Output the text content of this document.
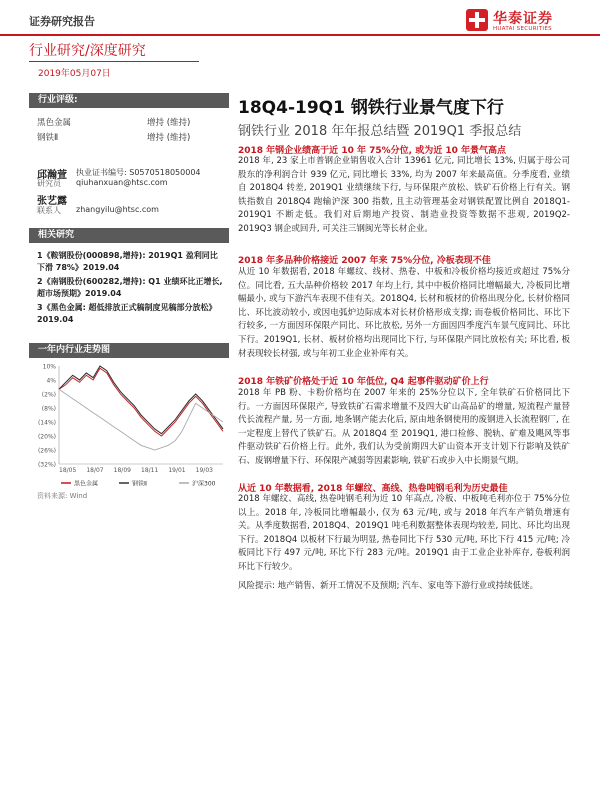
证券研究报告	华泰证券
HUATAI SECURITIES
行业研究/深度研究
2019年05月07日
行业评级:
黑色金属	增持 (维持)
钢铁Ⅱ	增持 (维持)
邱瀚萱 执业证书编号: S0570518050004
研究员 qiuhanxuan@htsc.com
张艺露
联系人 zhangyilu@htsc.com
相关研究
1《鞍钢股份(000898,增持): 2019Q1 盈利同比下滑 78%》2019.04
2《南钢股份(600282,增持): Q1 业绩环比正增长, 超市场预期》2019.04
3《黑色金属: 超低排放正式稿制度见稿部分放松》2019.04
一年内行业走势图
10%
4%
(2%)
(8%)
(14%)
(20%)
(26%)
(32%)
18/05 18/07 18/09 18/11 19/01 19/03
黑色金属	钢铁Ⅱ	沪深300
资料来源: Wind
18Q4-19Q1 钢铁行业景气度下行
钢铁行业 2018 年年报总结暨 2019Q1 季报总结
2018 年钢企业绩高于近 10 年 75%分位, 或为近 10 年景气高点
2018 年, 23 家上市普钢企业销售收入合计 13961 亿元, 同比增长 13%, 归属于母公司股东的净利润合计 939 亿元, 同比增长 33%, 均为 2007 年来最高值。分季度看, 业绩自 2018Q4 转差, 2019Q1 业绩继续下行, 与环保限产放松、铁矿石价格上行有关。钢铁指数自 2018Q4 跑输沪深 300 指数, 且主动管理基金对钢铁配置比例自 2018Q1-2019Q1 不断走低。我们对后期地产投资、制造业投资等数据不悲观, 2019Q2-2019Q3 钢企或回升, 可关注三钢闽光等长材企业。
2018 年多品种价格接近 2007 年来 75%分位, 冷板表现不佳
从近 10 年数据看, 2018 年螺纹、线材、热卷、中板和冷板价格均接近或超过 75%分位。同比看, 五大品种价格较 2017 年均上行, 其中中板价格同比增幅最大, 冷板同比增幅最小, 或与下游汽车表现不佳有关。2018Q4, 长材和板材的价格出现分化, 长材价格同比、环比波动较小, 或因电弧炉边际成本对长材价格形成支撑; 而卷板价格同比、环比下行较多, 一方面因环保限产同比、环比放松, 另外一方面因四季度汽车景气度同比、环比下行。2019Q1, 长材、板材价格均出现同比下行, 与环保限产同比放松有关; 环比看, 板材表现较长材强, 或与年初工业企业补库有关。
2018 年铁矿价格处于近 10 年低位, Q4 起事件驱动矿价上行
2018 年 PB 粉、卡粉价格均在 2007 年来的 25%分位以下, 全年铁矿石价格同比下行。一方面因环保限产, 导致铁矿石需求增量不及四大矿山高品矿的增量, 短流程产量替代长流程产量, 另一方面, 地条钢产能去化后, 原由地条钢使用的废钢进入长流程钢厂, 在一定程度上替代了铁矿石。从 2018Q4 至 2019Q1, 港口检修、脱轨、矿难及飓风等事件驱动铁矿石价格上行。此外, 我们认为受前期四大矿山资本开支计划下行影响及铁矿石、废钢增量下行、环保限产减弱等因素影响, 铁矿石或步入中长期景气期。
从近 10 年数据看, 2018 年螺纹、高线、热卷吨钢毛利为历史最佳
2018 年螺纹、高线, 热卷吨钢毛利为近 10 年高点, 冷板、中板吨毛利亦位于 75%分位以上。2018 年, 冷板同比增幅最小, 仅为 63 元/吨, 或与 2018 年汽车产销负增速有关。从季度数据看, 2018Q4、2019Q1 吨毛利数据整体表现均较差, 同比、环比均出现下行。2018Q4 以板材下行最为明显, 热卷同比下行 530 元/吨, 环比下行 415 元/吨; 冷板同比下行 497 元/吨, 环比下行 283 元/吨。2019Q1 由于工业企业补库存, 卷板利润环比下行较少。
风险提示: 地产销售、新开工情况不及预期; 汽车、家电等下游行业或持续低迷。
